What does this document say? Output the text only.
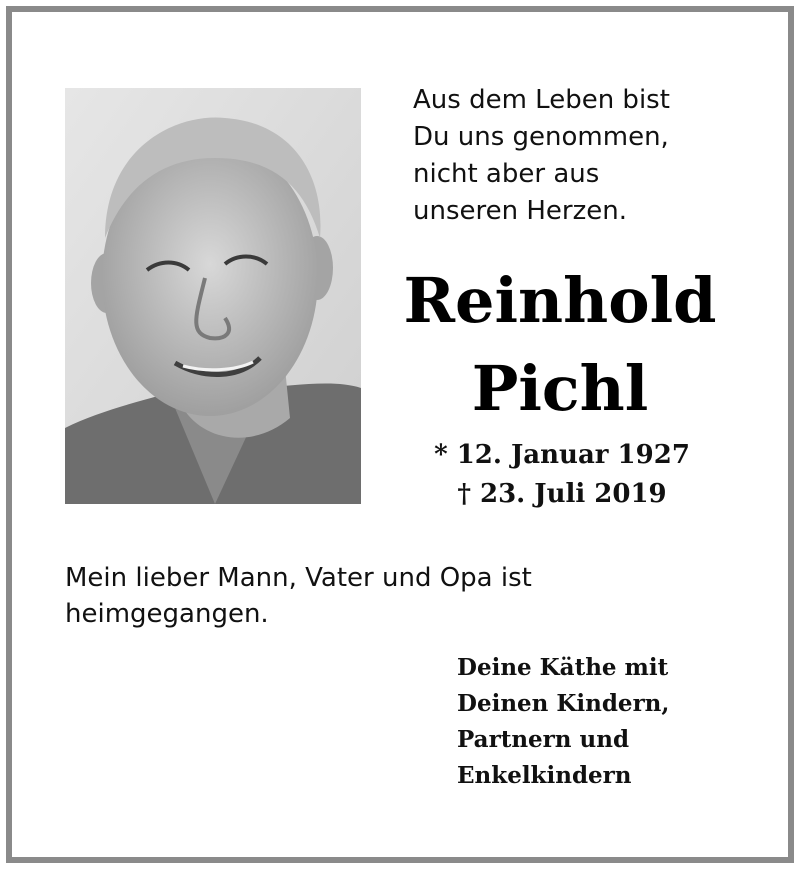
Aus dem Leben bist
Du uns genommen,
nicht aber aus
unseren Herzen.
Reinhold
Pichl
* 12. Januar 1927
† 23. Juli 2019
Mein lieber Mann, Vater und Opa ist
heimgegangen.
Deine Käthe mit
Deinen Kindern,
Partnern und
Enkelkindern
